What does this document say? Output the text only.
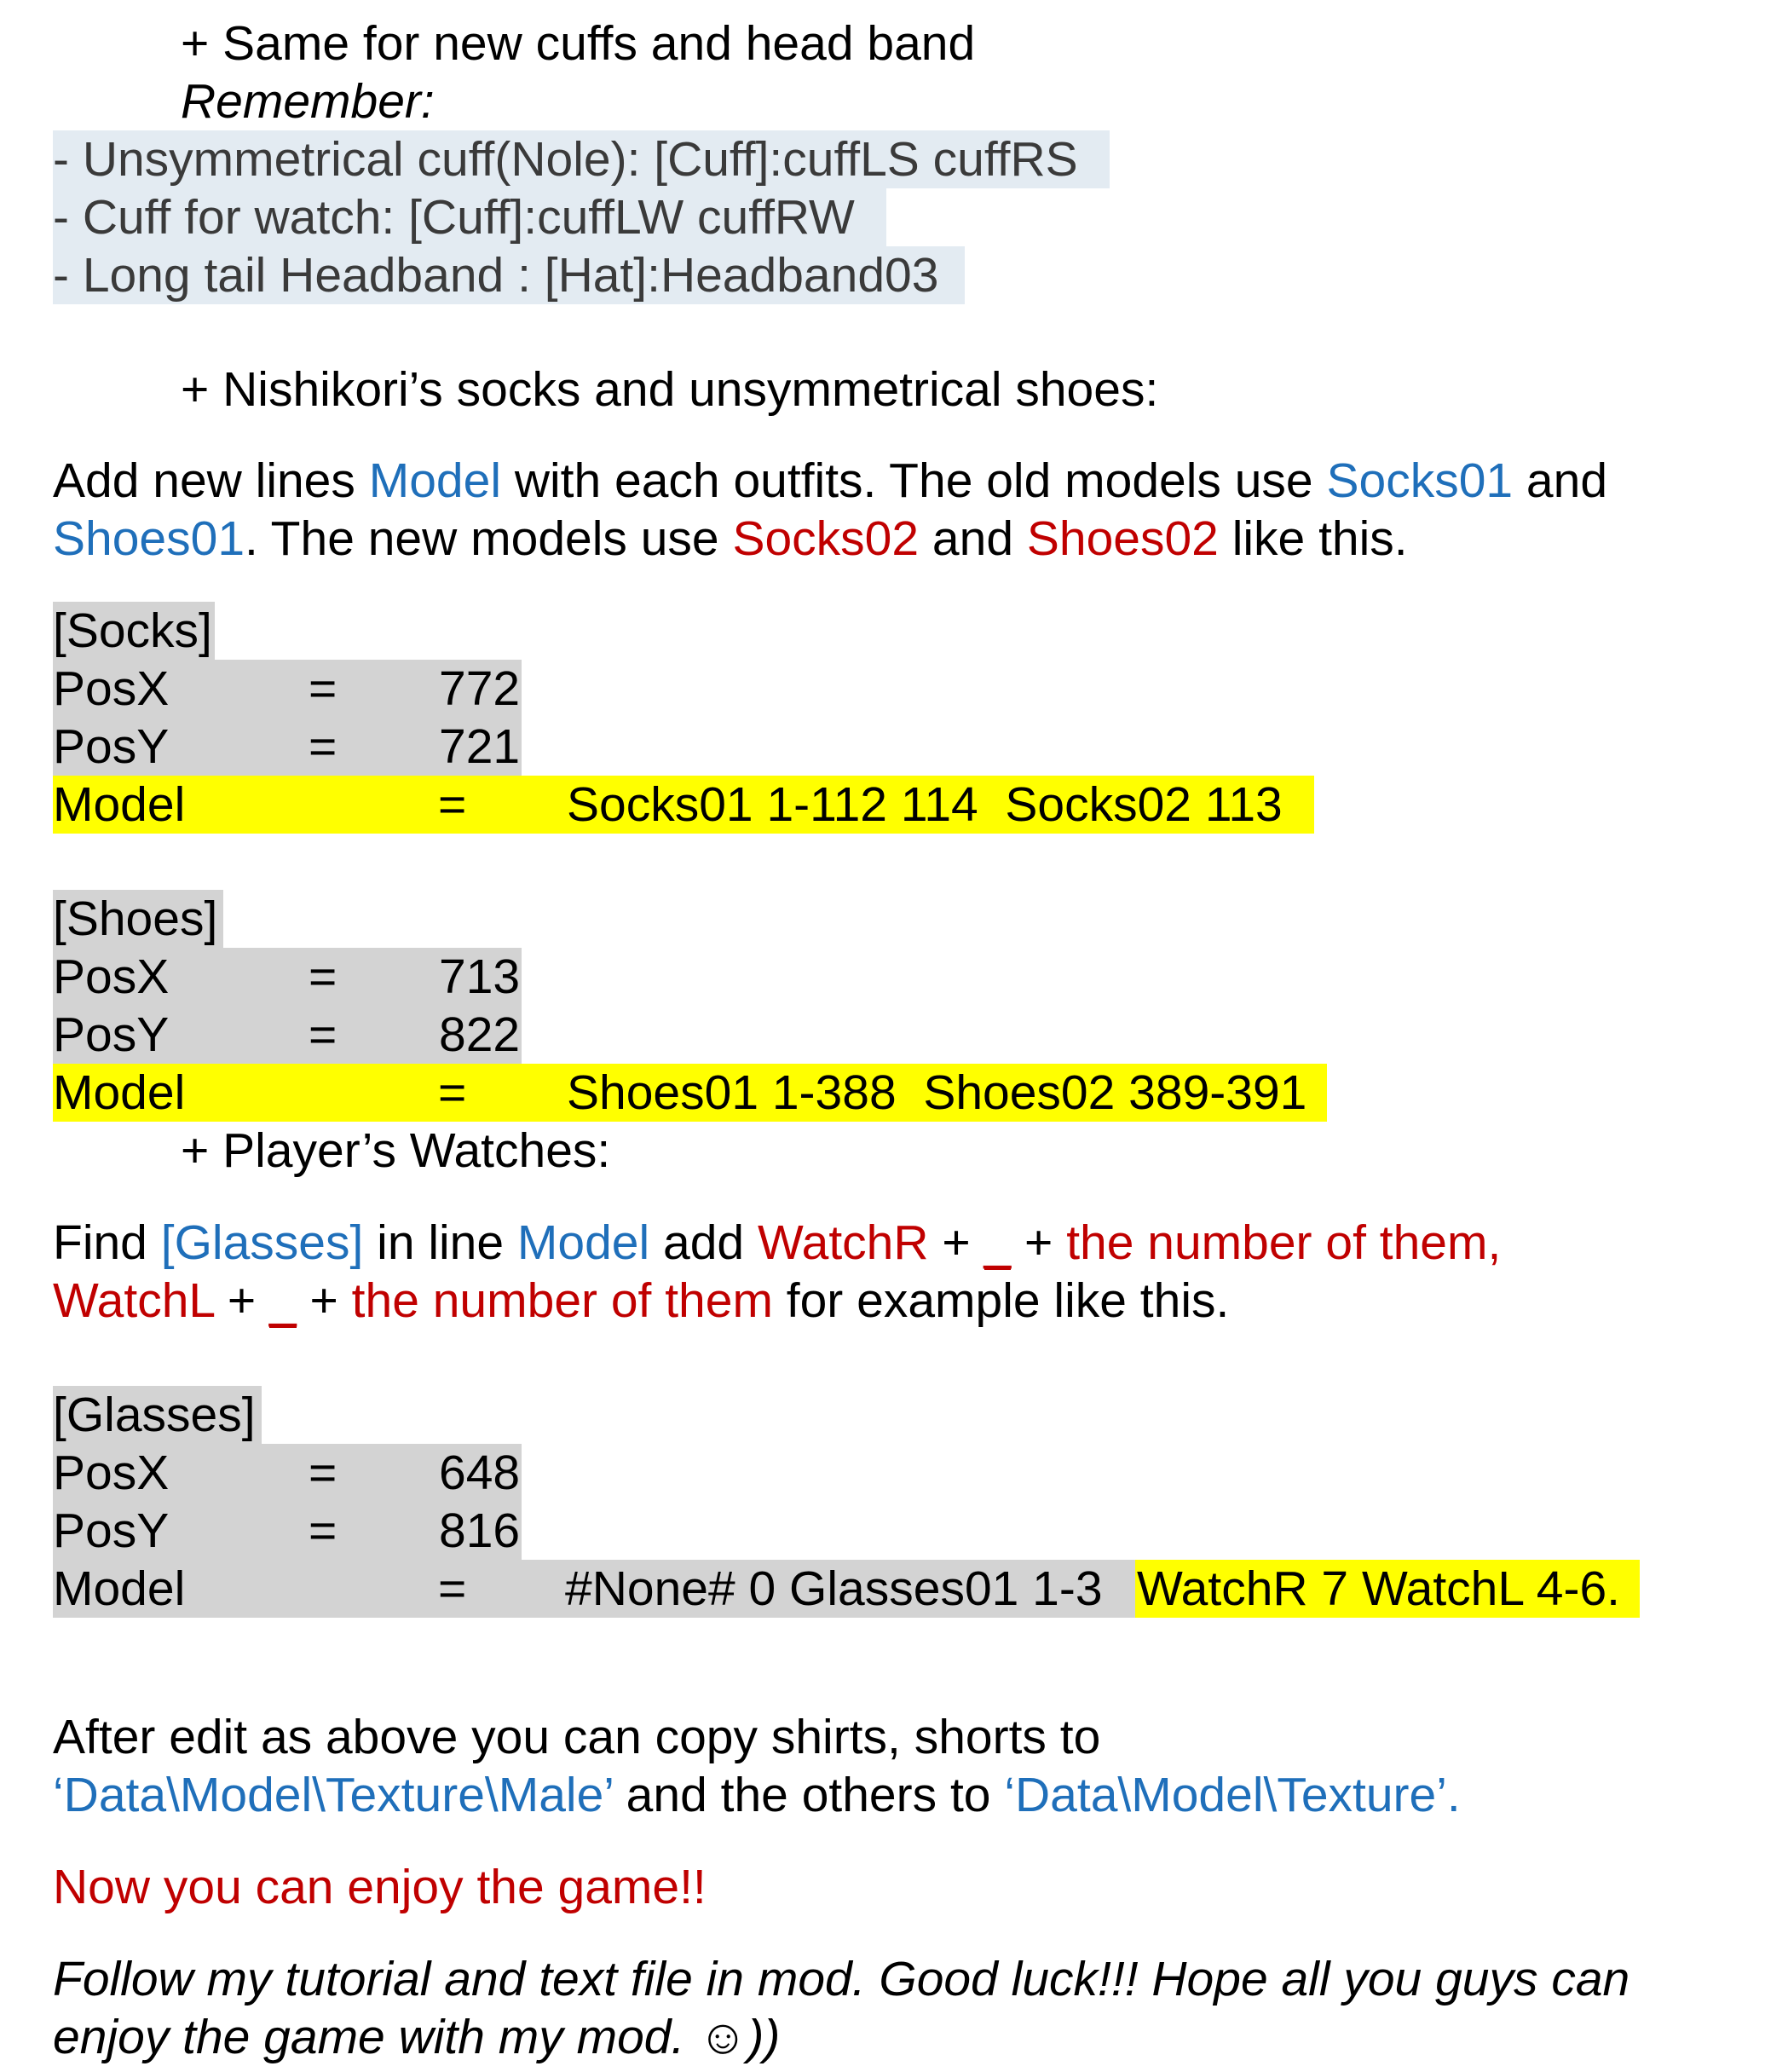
+ Same for new cuffs and head band
Remember:
- Unsymmetrical cuff(Nole): [Cuff]:cuffLS cuffRS
- Cuff for watch: [Cuff]:cuffLW cuffRW
- Long tail Headband : [Hat]:Headband03
+ Nishikori’s socks and unsymmetrical shoes:
Add new lines Model with each outfits. The old models use Socks01 and
Shoes01. The new models use Socks02 and Shoes02 like this.
[Socks]
PosX	= 772
PosY	= 721
Model	= Socks01 1-112 114  Socks02 113
[Shoes]
PosX	= 713
PosY	= 822
Model	= Shoes01 1-388  Shoes02 389-391
+ Player’s Watches:
Find [Glasses] in line Model add WatchR + _ + the number of them,
WatchL + _ + the number of them for example like this.
[Glasses]
PosX	= 648
PosY	= 816
Model	= #None# 0 Glasses01 1-3 WatchR 7 WatchL 4-6.
After edit as above you can copy shirts, shorts to
‘Data\Model\Texture\Male’ and the others to ‘Data\Model\Texture’.
Now you can enjoy the game!!
Follow my tutorial and text file in mod. Good luck!!! Hope all you guys can
enjoy the game with my mod. ☺))
